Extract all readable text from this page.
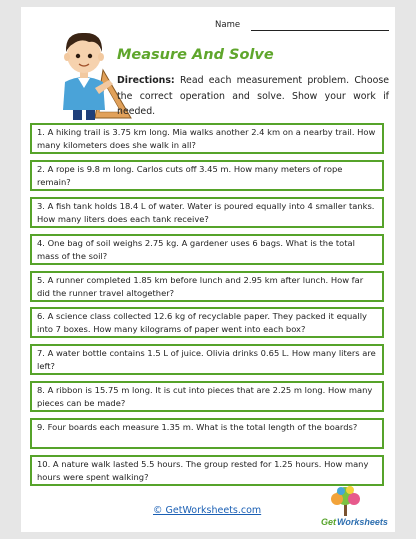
Name
Measure And Solve
Directions: Read each measurement problem. Choose the correct operation and solve. Show your work if needed.
1. A hiking trail is 3.75 km long. Mia walks another 2.4 km on a nearby trail. How many kilometers does she walk in all?
2. A rope is 9.8 m long. Carlos cuts off 3.45 m. How many meters of rope remain?
3. A fish tank holds 18.4 L of water. Water is poured equally into 4 smaller tanks. How many liters does each tank receive?
4. One bag of soil weighs 2.75 kg. A gardener uses 6 bags. What is the total mass of the soil?
5. A runner completed 1.85 km before lunch and 2.95 km after lunch. How far did the runner travel altogether?
6. A science class collected 12.6 kg of recyclable paper. They packed it equally into 7 boxes. How many kilograms of paper went into each box?
7. A water bottle contains 1.5 L of juice. Olivia drinks 0.65 L. How many liters are left?
8. A ribbon is 15.75 m long. It is cut into pieces that are 2.25 m long. How many pieces can be made?
9. Four boards each measure 1.35 m. What is the total length of the boards?
10. A nature walk lasted 5.5 hours. The group rested for 1.25 hours. How many hours were spent walking?
© GetWorksheets.com
Get Worksheets
